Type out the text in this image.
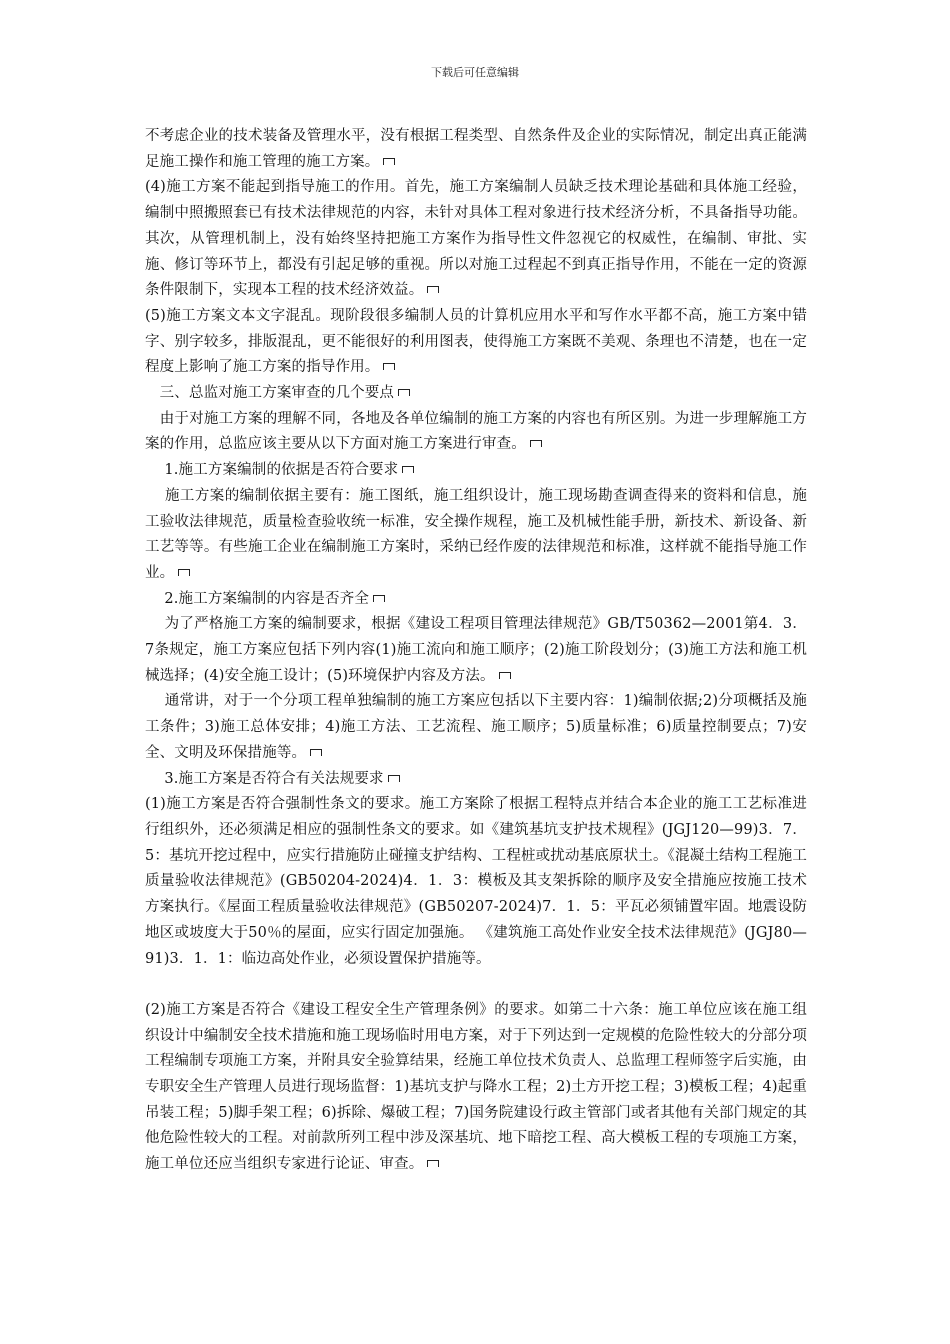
下载后可任意编辑

不考虑企业的技术装备及管理水平，没有根据工程类型、自然条件及企业的实际情况，制定出真正能满足施工操作和施工管理的施工方案。

(4)施工方案不能起到指导施工的作用。首先，施工方案编制人员缺乏技术理论基础和具体施工经验，编制中照搬照套已有技术法律规范的内容，未针对具体工程对象进行技术经济分析，不具备指导功能。其次，从管理机制上，没有始终坚持把施工方案作为指导性文件忽视它的权威性，在编制、审批、实施、修订等环节上，都没有引起足够的重视。所以对施工过程起不到真正指导作用，不能在一定的资源条件限制下，实现本工程的技术经济效益。

(5)施工方案文本文字混乱。现阶段很多编制人员的计算机应用水平和写作水平都不高，施工方案中错字、别字较多，排版混乱，更不能很好的利用图表，使得施工方案既不美观、条理也不清楚，也在一定程度上影响了施工方案的指导作用。

　三、总监对施工方案审查的几个要点

　由于对施工方案的理解不同，各地及各单位编制的施工方案的内容也有所区别。为进一步理解施工方案的作用，总监应该主要从以下方面对施工方案进行审查。

　 1.施工方案编制的依据是否符合要求

　 施工方案的编制依据主要有：施工图纸，施工组织设计，施工现场勘查调查得来的资料和信息，施工验收法律规范，质量检查验收统一标准，安全操作规程，施工及机械性能手册，新技术、新设备、新工艺等等。有些施工企业在编制施工方案时，采纳已经作废的法律规范和标准，这样就不能指导施工作业。

　 2.施工方案编制的内容是否齐全

　 为了严格施工方案的编制要求，根据《建设工程项目管理法律规范》GB/T50362—2001第4．3．7条规定，施工方案应包括下列内容(1)施工流向和施工顺序；(2)施工阶段划分；(3)施工方法和施工机械选择；(4)安全施工设计；(5)环境保护内容及方法。

　 通常讲，对于一个分项工程单独编制的施工方案应包括以下主要内容：1)编制依据;2)分项概括及施工条件；3)施工总体安排；4)施工方法、工艺流程、施工顺序；5)质量标准；6)质量控制要点；7)安全、文明及环保措施等。

　 3.施工方案是否符合有关法规要求

(1)施工方案是否符合强制性条文的要求。施工方案除了根据工程特点并结合本企业的施工工艺标准进行组织外，还必须满足相应的强制性条文的要求。如《建筑基坑支护技术规程》(JGJ120—99)3．7．5：基坑开挖过程中，应实行措施防止碰撞支护结构、工程桩或扰动基底原状土。《混凝土结构工程施工质量验收法律规范》(GB50204-2024)4．1．3：模板及其支架拆除的顺序及安全措施应按施工技术方案执行。《屋面工程质量验收法律规范》(GB50207-2024)7．1．5：平瓦必须铺置牢固。地震设防地区或坡度大于50％的屋面，应实行固定加强施。 《建筑施工高处作业安全技术法律规范》(JGJ80—91)3．1．1：临边高处作业，必须设置保护措施等。

(2)施工方案是否符合《建设工程安全生产管理条例》的要求。如第二十六条：施工单位应该在施工组织设计中编制安全技术措施和施工现场临时用电方案，对于下列达到一定规模的危险性较大的分部分项工程编制专项施工方案，并附具安全验算结果，经施工单位技术负责人、总监理工程师签字后实施，由专职安全生产管理人员进行现场监督：1)基坑支护与降水工程；2)土方开挖工程；3)模板工程；4)起重吊装工程；5)脚手架工程；6)拆除、爆破工程；7)国务院建设行政主管部门或者其他有关部门规定的其他危险性较大的工程。对前款所列工程中涉及深基坑、地下暗挖工程、高大模板工程的专项施工方案，施工单位还应当组织专家进行论证、审查。
